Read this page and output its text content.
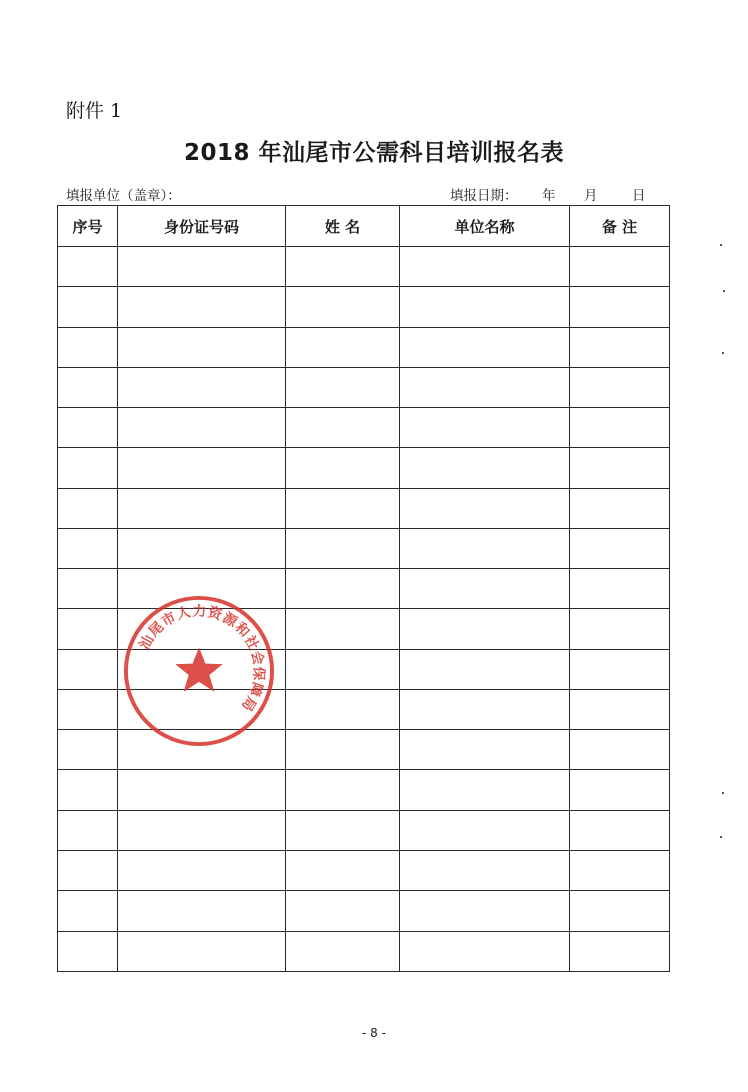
附件 1
2018 年汕尾市公需科目培训报名表
填报单位（盖章）：	填报日期： 年 月	日
序号	身份证号码	姓 名	单位名称	备 注

汕尾市人力资源和社会保障局
- 8 -
